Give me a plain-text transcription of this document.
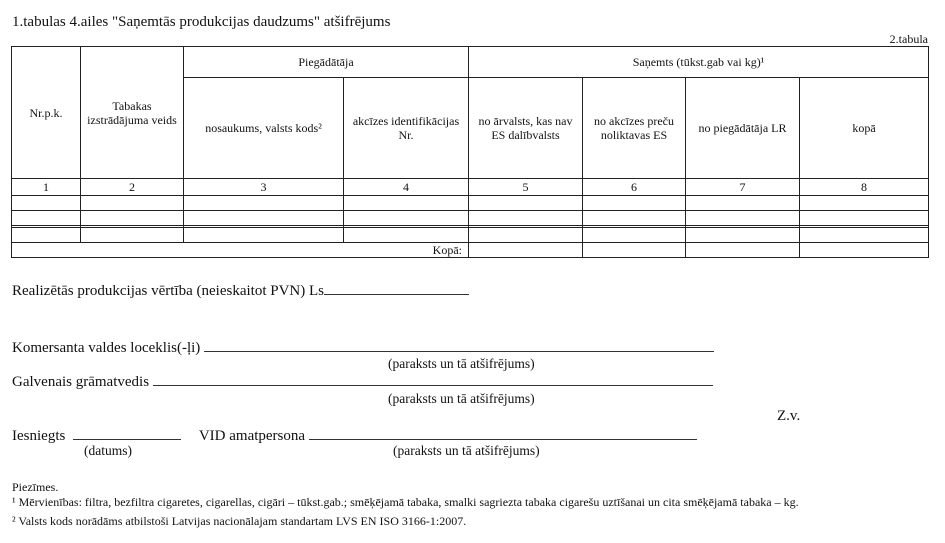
1.tabulas 4.ailes "Saņemtās produkcijas daudzums" atšifrējums
2.tabula
Nr.p.k.	Tabakas izstrādājuma veids	Piegādātāja		Saņemts (tūkst.gab vai kg)¹			
		nosaukums, valsts kods²	akcīzes identifikācijas Nr.	no ārvalsts, kas nav ES dalībvalsts	no akcīzes preču noliktavas ES	no piegādātāja LR	kopā
1	2	3	4	5	6	7	8

Kopā:							
Realizētās produkcijas vērtība (neieskaitot PVN) Ls
Komersanta valdes loceklis(-ļi)
(paraksts un tā atšifrējums)
Galvenais grāmatvedis
(paraksts un tā atšifrējums)
Z.v.
Iesniegts	VID amatpersona
(datums)	(paraksts un tā atšifrējums)
Piezīmes.
¹ Mērvienības: filtra, bezfiltra cigaretes, cigarellas, cigāri – tūkst.gab.; smēķējamā tabaka, smalki sagriezta tabaka cigarešu uztīšanai un cita smēķējamā tabaka – kg.
² Valsts kods norādāms atbilstoši Latvijas nacionālajam standartam LVS EN ISO 3166-1:2007.
